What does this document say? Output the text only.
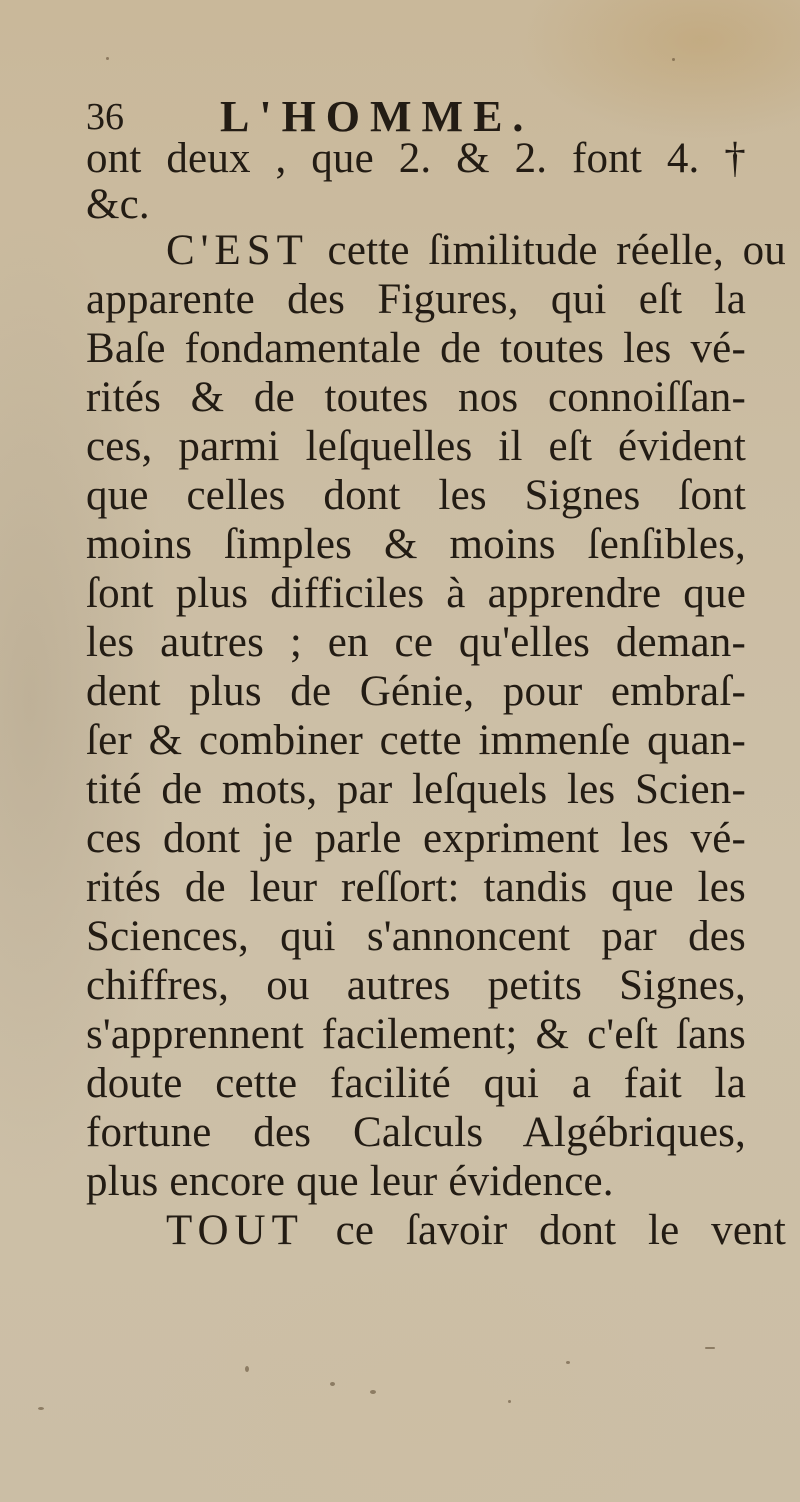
36 L'HOMME.
ont deux , que 2. & 2. font 4. †
&c.
C'EST cette ſimilitude réelle, ou
apparente des Figures, qui eſt la
Baſe fondamentale de toutes les vé-
rités & de toutes nos connoiſſan-
ces, parmi leſquelles il eſt évident
que celles dont les Signes ſont
moins ſimples & moins ſenſibles,
ſont plus difficiles à apprendre que
les autres ; en ce qu'elles deman-
dent plus de Génie, pour embraſ-
ſer & combiner cette immenſe quan-
tité de mots, par leſquels les Scien-
ces dont je parle expriment les vé-
rités de leur reſſort: tandis que les
Sciences, qui s'annoncent par des
chiffres, ou autres petits Signes,
s'apprennent facilement; & c'eſt ſans
doute cette facilité qui a fait la
fortune des Calculs Algébriques,
plus encore que leur évidence.
TOUT ce ſavoir dont le vent
